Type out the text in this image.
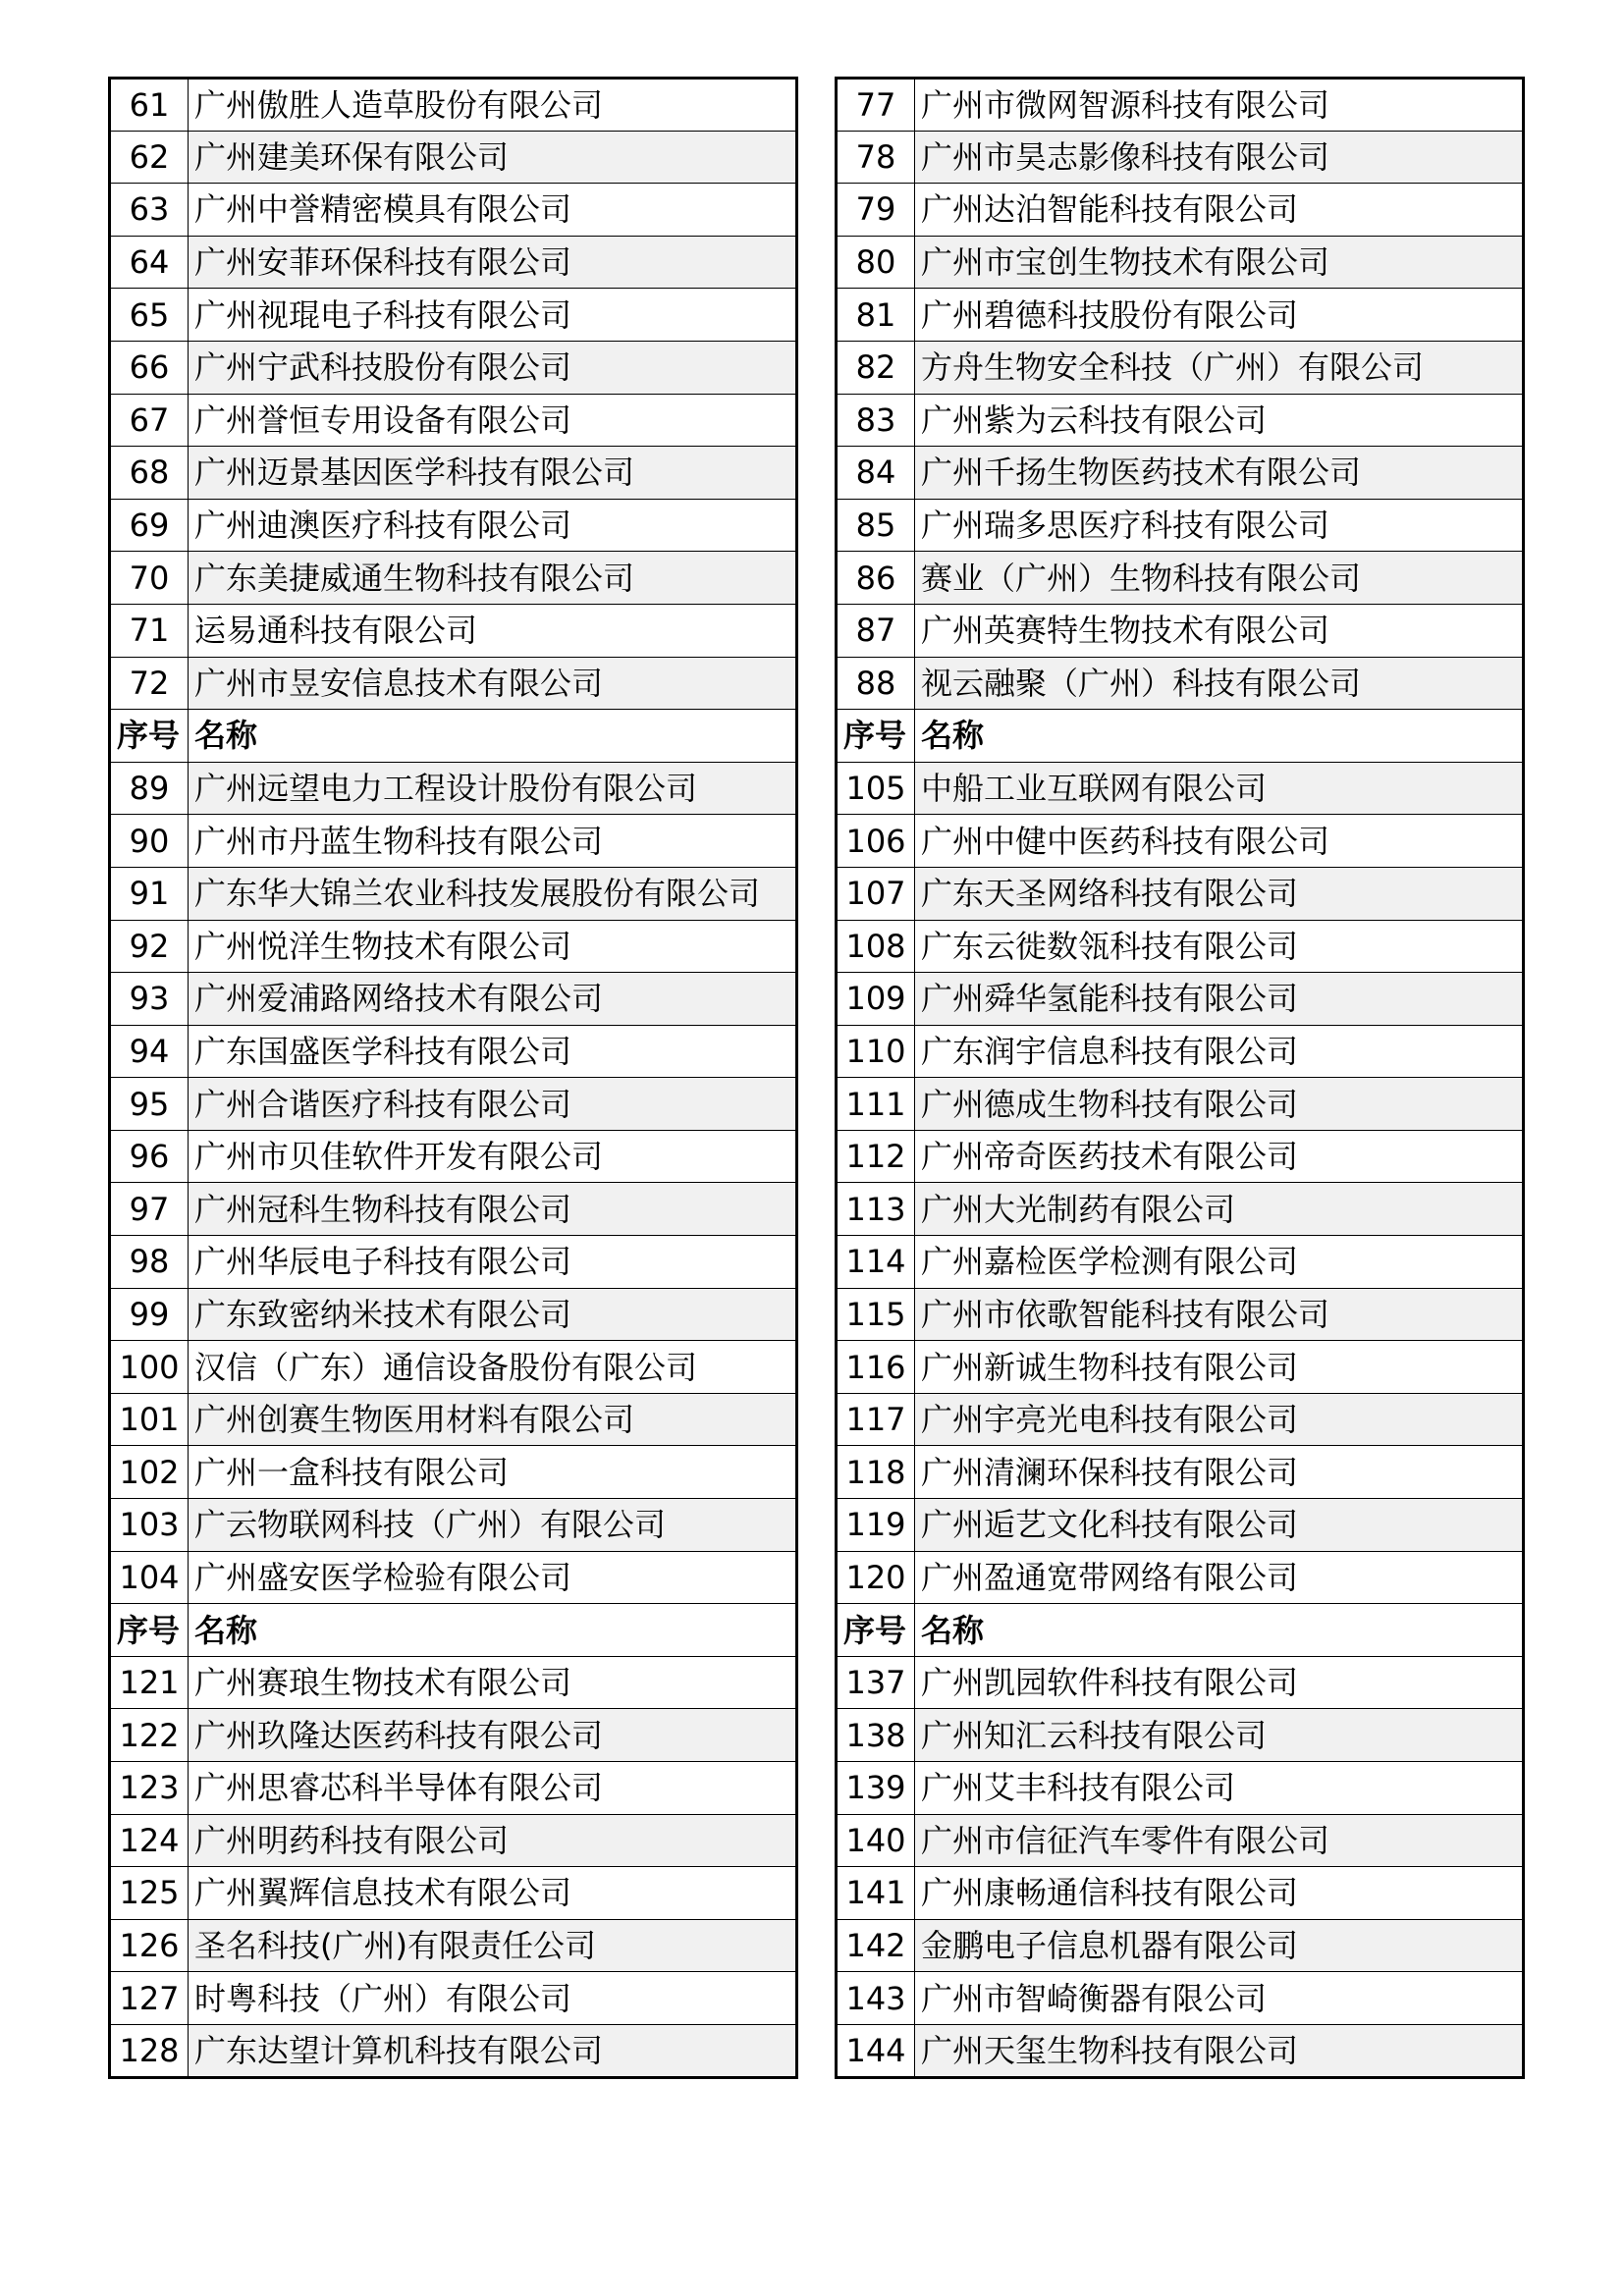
61	广州傲胜人造草股份有限公司
62	广州建美环保有限公司
63	广州中誉精密模具有限公司
64	广州安菲环保科技有限公司
65	广州视琨电子科技有限公司
66	广州宁武科技股份有限公司
67	广州誉恒专用设备有限公司
68	广州迈景基因医学科技有限公司
69	广州迪澳医疗科技有限公司
70	广东美捷威通生物科技有限公司
71	运易通科技有限公司
72	广州市昱安信息技术有限公司
序号	名称
89	广州远望电力工程设计股份有限公司
90	广州市丹蓝生物科技有限公司
91	广东华大锦兰农业科技发展股份有限公司
92	广州悦洋生物技术有限公司
93	广州爱浦路网络技术有限公司
94	广东国盛医学科技有限公司
95	广州合谐医疗科技有限公司
96	广州市贝佳软件开发有限公司
97	广州冠科生物科技有限公司
98	广州华辰电子科技有限公司
99	广东致密纳米技术有限公司
100	汉信（广东）通信设备股份有限公司
101	广州创赛生物医用材料有限公司
102	广州一盒科技有限公司
103	广云物联网科技（广州）有限公司
104	广州盛安医学检验有限公司
序号	名称
121	广州赛琅生物技术有限公司
122	广州玖隆达医药科技有限公司
123	广州思睿芯科半导体有限公司
124	广州明药科技有限公司
125	广州翼辉信息技术有限公司
126	圣名科技(广州)有限责任公司
127	时粤科技（广州）有限公司
128	广东达望计算机科技有限公司
77	广州市微网智源科技有限公司
78	广州市昊志影像科技有限公司
79	广州达泊智能科技有限公司
80	广州市宝创生物技术有限公司
81	广州碧德科技股份有限公司
82	方舟生物安全科技（广州）有限公司
83	广州紫为云科技有限公司
84	广州千扬生物医药技术有限公司
85	广州瑞多思医疗科技有限公司
86	赛业（广州）生物科技有限公司
87	广州英赛特生物技术有限公司
88	视云融聚（广州）科技有限公司
序号	名称
105	中船工业互联网有限公司
106	广州中健中医药科技有限公司
107	广东天圣网络科技有限公司
108	广东云徙数瓴科技有限公司
109	广州舜华氢能科技有限公司
110	广东润宇信息科技有限公司
111	广州德成生物科技有限公司
112	广州帝奇医药技术有限公司
113	广州大光制药有限公司
114	广州嘉检医学检测有限公司
115	广州市依歌智能科技有限公司
116	广州新诚生物科技有限公司
117	广州宇亮光电科技有限公司
118	广州清澜环保科技有限公司
119	广州逅艺文化科技有限公司
120	广州盈通宽带网络有限公司
序号	名称
137	广州凯园软件科技有限公司
138	广州知汇云科技有限公司
139	广州艾丰科技有限公司
140	广州市信征汽车零件有限公司
141	广州康畅通信科技有限公司
142	金鹏电子信息机器有限公司
143	广州市智崎衡器有限公司
144	广州天玺生物科技有限公司
